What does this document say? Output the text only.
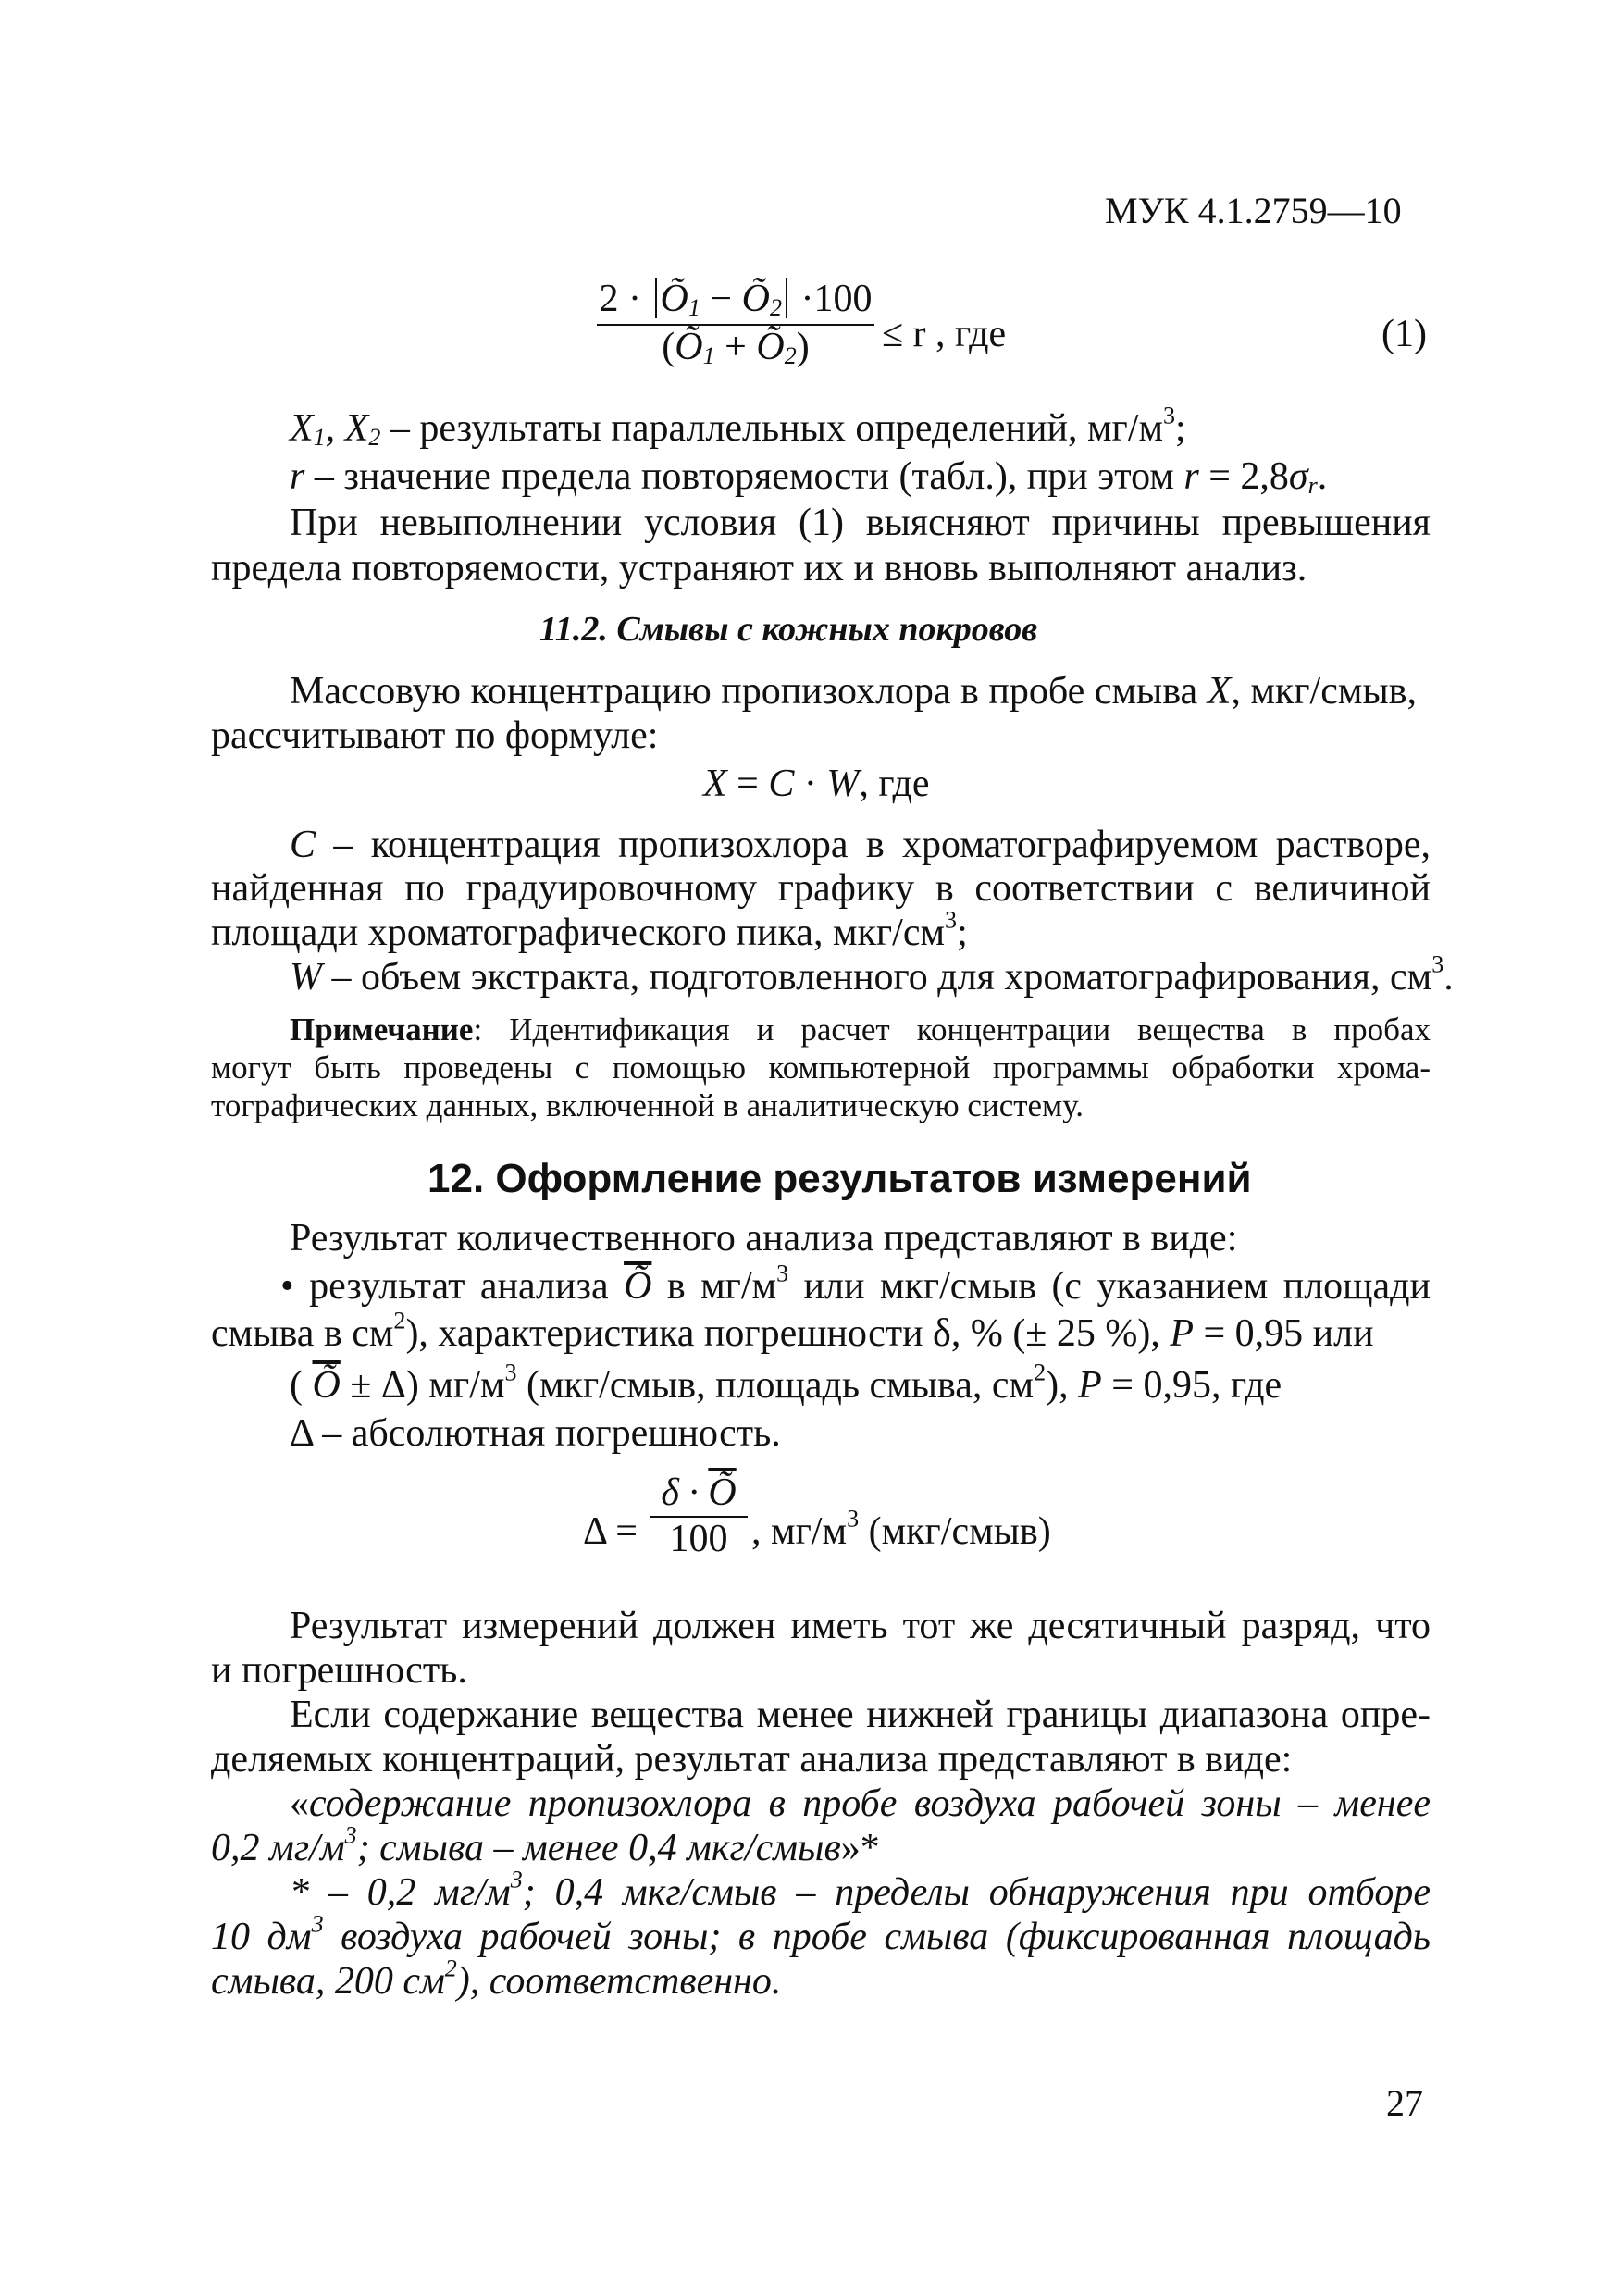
МУК 4.1.2759—10
$2 \cdot Õ_1$ − $Õ_2 \cdot 100$
($Õ_1$ + $Õ_2) \le r$ , где	(1)
$X_1$, $X_2$ – результаты параллельных определений, $мг/м^3$;
r – значение предела повторяемости (табл.), при этом $r = 2,8\sigma_r$.
При невыполнении условия (1) выясняют причины превышения
предела повторяемости, устраняют их и вновь выполняют анализ.
11.2. Смывы с кожных покровов
Массовую концентрацию пропизохлора в пробе смыва X, мкг/смыв,
рассчитывают по формуле:
X = C · W, где
C – концентрация пропизохлора в хроматографируемом растворе,
найденная по градуировочному графику в соответствии с величиной
площади хроматографического пика, мкг/$см^3$;
W – объем экстракта, подготовленного для хроматографирования, $см^3$.
Примечание: Идентификация и расчет концентрации вещества в пробах
могут быть проведены с помощью компьютерной программы обработки хрома-
тографических данных, включенной в аналитическую систему.
12. Оформление результатов измерений
Результат количественного анализа представляют в виде:
• результат анализа $\overline{Õ}$ в $мг/м^3$ или мкг/смыв (с указанием площади
смыва в $см^2$), характеристика погрешности δ, % (± 25 %), P = 0,95 или
( $\overline{Õ} \pm \Delta$) $мг/м^3$ (мкг/смыв, площадь смыва, $см^2$), P = 0,95, где
Δ – абсолютная погрешность.
Δ =
$\delta \cdot \overline{Õ}$
100 , $мг/м^3$ (мкг/смыв)
Результат измерений должен иметь тот же десятичный разряд, что
и погрешность.
Если содержание вещества менее нижней границы диапазона опре-
деляемых концентраций, результат анализа представляют в виде:
«содержание пропизохлора в пробе воздуха рабочей зоны – менее
0,2 $мг/м^3$; смыва – менее 0,4 мкг/смыв»*
* – 0,2 $мг/м^3$; 0,4 мкг/смыв – пределы обнаружения при отборе
10 $дм^3$ воздуха рабочей зоны; в пробе смыва (фиксированная площадь
смыва, 200 $см^2$), соответственно.
27
